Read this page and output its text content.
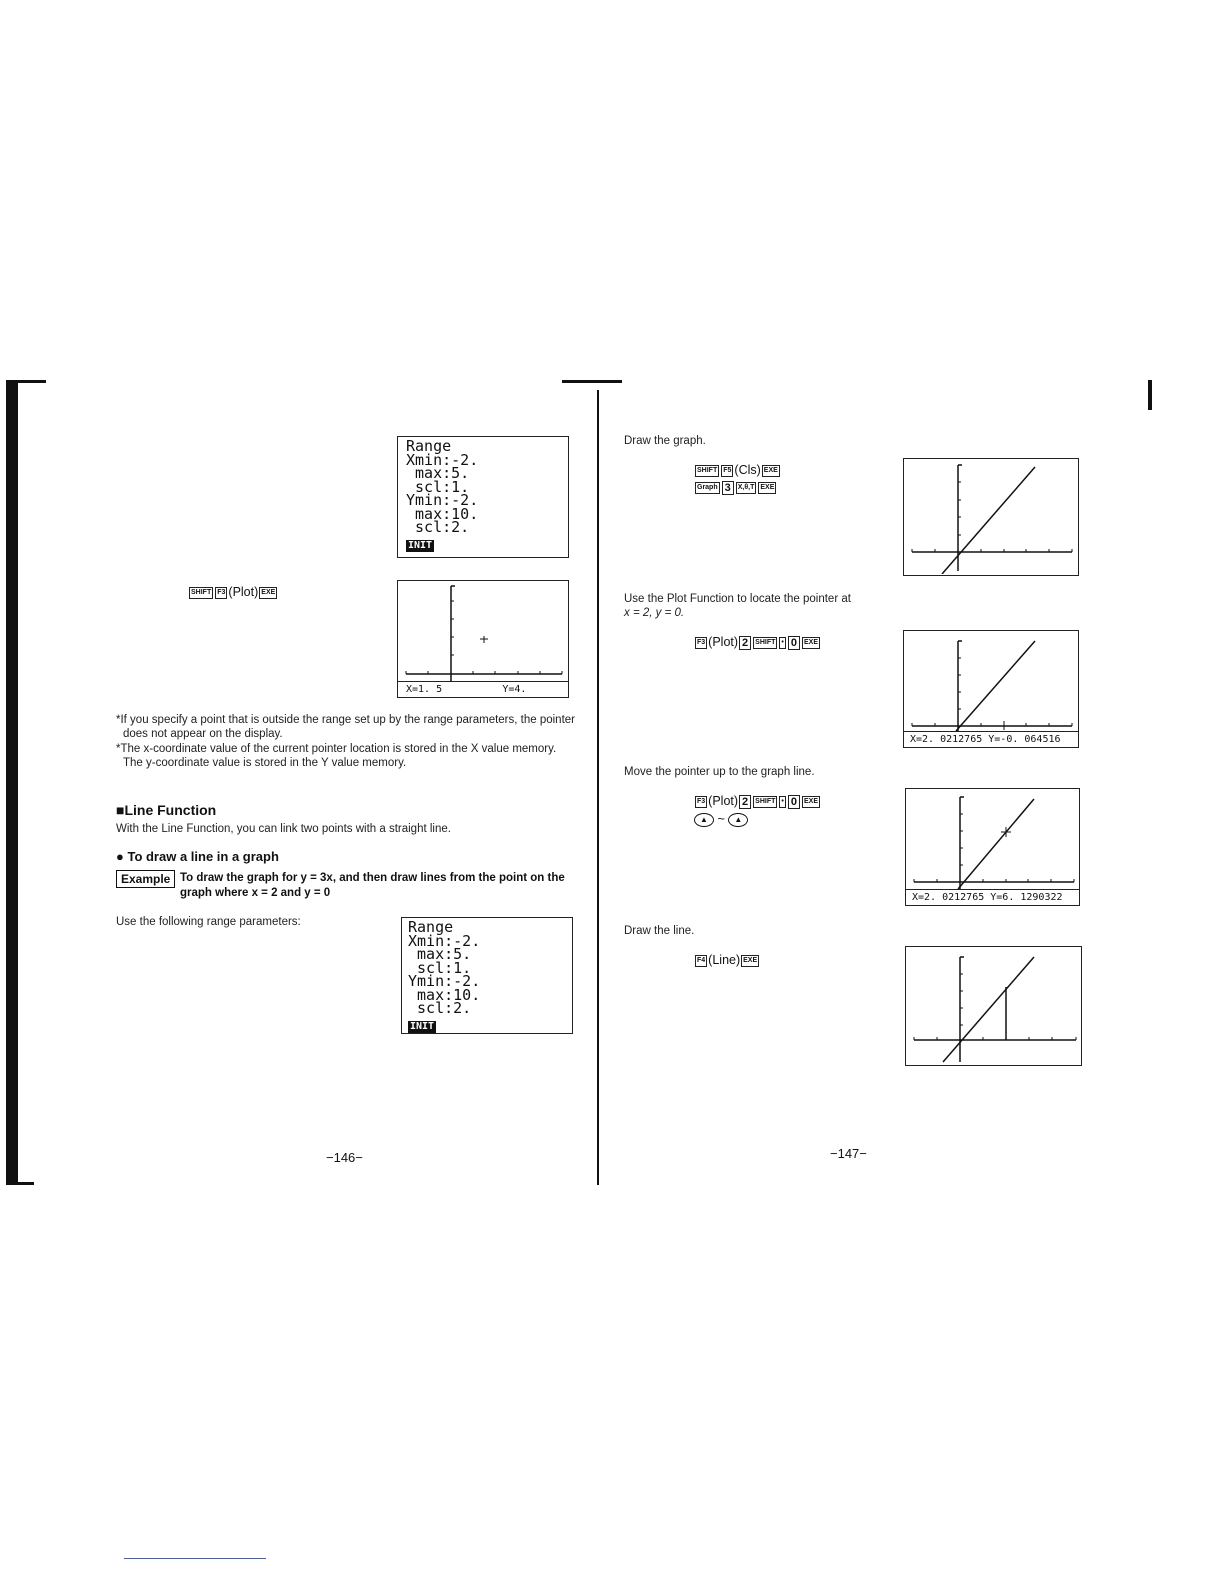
Range
Xmin:-2.
max:5.
scl:1.
Ymin:-2.
max:10.
scl:2.
INIT
SHIFT F3 (Plot) EXE
X=1. 5	Y=4.
*If you specify a point that is outside the range set up by the range parameters, the pointer
does not appear on the display.
*The x-coordinate value of the current pointer location is stored in the X value memory.
The y-coordinate value is stored in the Y value memory.
■Line Function
With the Line Function, you can link two points with a straight line.
● To draw a line in a graph
Example To draw the graph for y = 3x, and then draw lines from the point on the
graph where x = 2 and y = 0
Use the following range parameters:	Range
Xmin:-2.
max:5.
scl:1.
Ymin:-2.
max:10.
scl:2.
INIT
−146−
Draw the graph.
SHIFT F5 (Cls) EXE
Graph 3 X,θ,T EXE
Use the Plot Function to locate the pointer at
x = 2, y = 0.
F3 (Plot) 2 SHIFT • 0 EXE
X=2. 0212765 Y=-0. 064516
Move the pointer up to the graph line.
F3 (Plot) 2 SHIFT • 0 EXE
▲ ~ ▲
X=2. 0212765 Y=6. 1290322
Draw the line.
F4 (Line) EXE
−147−
